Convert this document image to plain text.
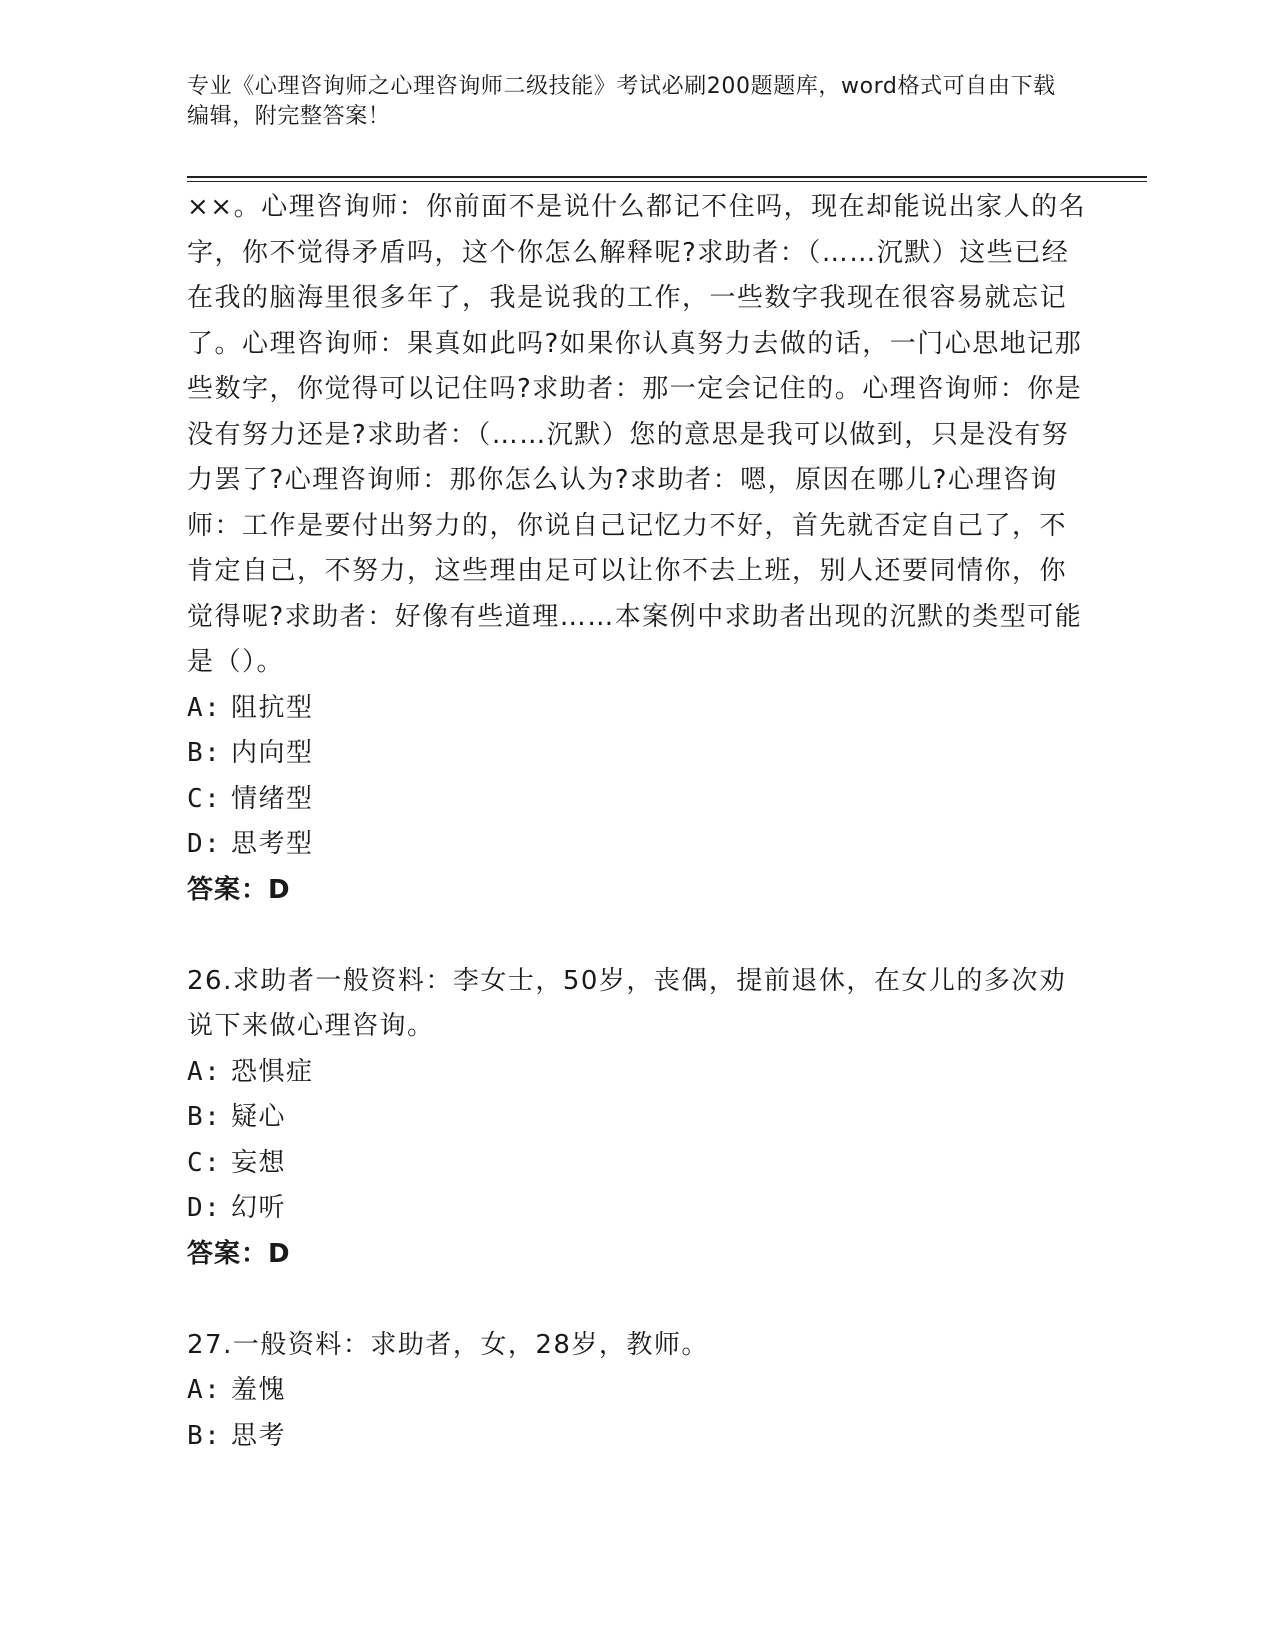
专业《心理咨询师之心理咨询师二级技能》考试必刷200题题库，word格式可自由下载编辑，附完整答案！

××。心理咨询师：你前面不是说什么都记不住吗，现在却能说出家人的名字，你不觉得矛盾吗，这个你怎么解释呢?求助者：（……沉默）这些已经在我的脑海里很多年了，我是说我的工作，一些数字我现在很容易就忘记了。心理咨询师：果真如此吗?如果你认真努力去做的话，一门心思地记那些数字，你觉得可以记住吗?求助者：那一定会记住的。心理咨询师：你是没有努力还是?求助者：（……沉默）您的意思是我可以做到，只是没有努力罢了?心理咨询师：那你怎么认为?求助者：嗯，原因在哪儿?心理咨询师：工作是要付出努力的，你说自己记忆力不好，首先就否定自己了，不肯定自己，不努力，这些理由足可以让你不去上班，别人还要同情你，你觉得呢?求助者：好像有些道理……本案例中求助者出现的沉默的类型可能是（）。

A: 阻抗型

B: 内向型

C: 情绪型

D: 思考型

答案：D

26.求助者一般资料：李女士，50岁，丧偶，提前退休，在女儿的多次劝说下来做心理咨询。

A: 恐惧症

B: 疑心

C: 妄想

D: 幻听

答案：D

27.一般资料：求助者，女，28岁，教师。

A: 羞愧

B: 思考
